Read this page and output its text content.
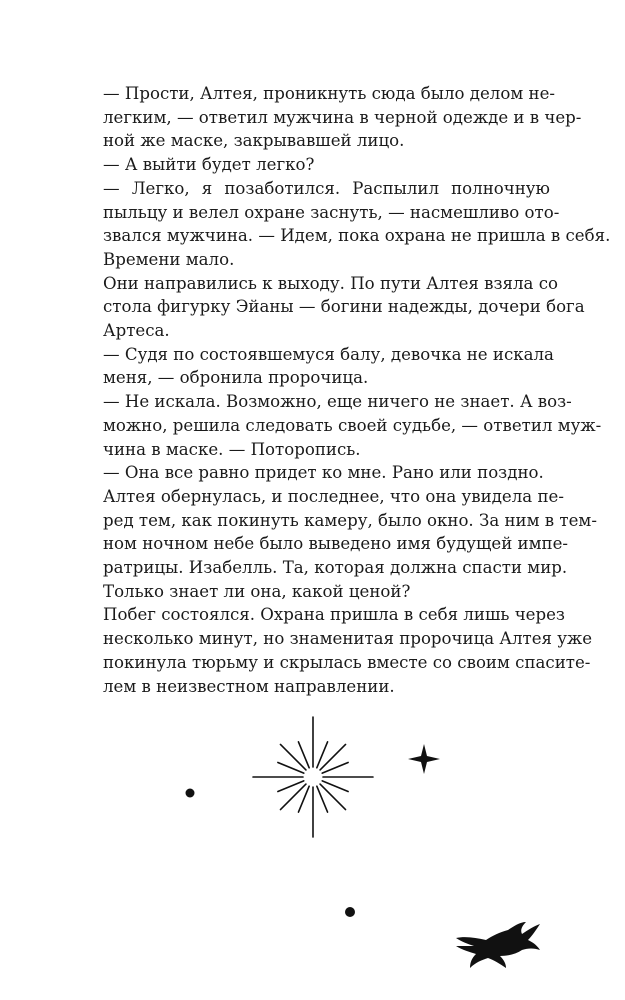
— Прости, Алтея, проникнуть сюда было делом не-
легким, — ответил мужчина в черной одежде и в чер-
ной же маске, закрывавшей лицо.

— А выйти будет легко?

— Легко, я позаботился. Распылил полночную
пыльцу и велел охране заснуть, — насмешливо ото-
звался мужчина. — Идем, пока охрана не пришла в себя.
Времени мало.

Они направились к выходу. По пути Алтея взяла со
стола фигурку Эйаны — богини надежды, дочери бога
Артеса.

— Судя по состоявшемуся балу, девочка не искала
меня, — обронила пророчица.

— Не искала. Возможно, еще ничего не знает. А воз-
можно, решила следовать своей судьбе, — ответил муж-
чина в маске. — Поторопись.

— Она все равно придет ко мне. Рано или поздно.

Алтея обернулась, и последнее, что она увидела пе-
ред тем, как покинуть камеру, было окно. За ним в тем-
ном ночном небе было выведено имя будущей импе-
ратрицы. Изабелль. Та, которая должна спасти мир.
Только знает ли она, какой ценой?

Побег состоялся. Охрана пришла в себя лишь через
несколько минут, но знаменитая пророчица Алтея уже
покинула тюрьму и скрылась вместе со своим спасите-
лем в неизвестном направлении.
